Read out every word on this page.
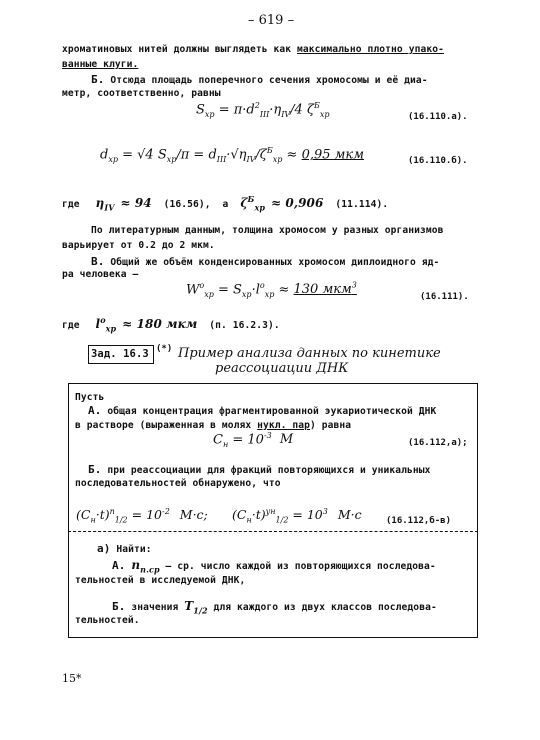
– 619 –
хроматиновых нитей должны выглядеть как максимально плотно упако-
ванные клуги.
Б. Отсюда площадь поперечного сечения хромосомы и её диа-
метр, соответственно, равны
$S_{хр} = \pi\cdot d^2_{III}\cdot\eta_{IV}/4$ $\zeta^Б_{хр}$	(16.110.а).
$d_{хр} = √4$ $S_{хр}/\pi = d_{III}\cdot√\eta_{IV}/\zeta^Б_{хр} \approx 0,95$ мкм	(16.110.б).
где $\eta_{IV} \approx 94$ (16.56), а $\zeta^Б_{хр} \approx 0,906$ (11.114).
По литературным данным, толщина хромосом у разных организмов
варьирует от 0.2 до 2 мкм.
В. Общий же объём конденсированных хромосом диплоидного яд-
ра человека –
$W^о_{хр} = S_{хр}\cdot l^о_{хр} \approx 130$ мкм$^3$
(16.111).
где $l^о_{хр} \approx 180$ мкм (п. 16.2.3).
Зад. 16.3 (*) Пример анализа данных по кинетике
реассоциации ДНК
Пусть
А. общая концентрация фрагментированной эукариотической ДНК
в растворе (выраженная в молях нукл. пар) равна
$C_н = 10^{-3}$ М	(16.112,а);
Б. при реассоциации для фракций повторяющихся и уникальных
последовательностей обнаружено, что
$(C_н\cdot t)^п_{1/2} = 10^{-2}$ М·с; $(C_н\cdot t)^{ун}_{1/2} = 10^3$ М·с	(16.112,б-в)
а) Найти:
А. $n_{п.ср}$ – ср. число каждой из повторяющихся последова-
тельностей в исследуемой ДНК,
Б. значения $T_{1/2}$ для каждого из двух классов последова-
тельностей.
15*
